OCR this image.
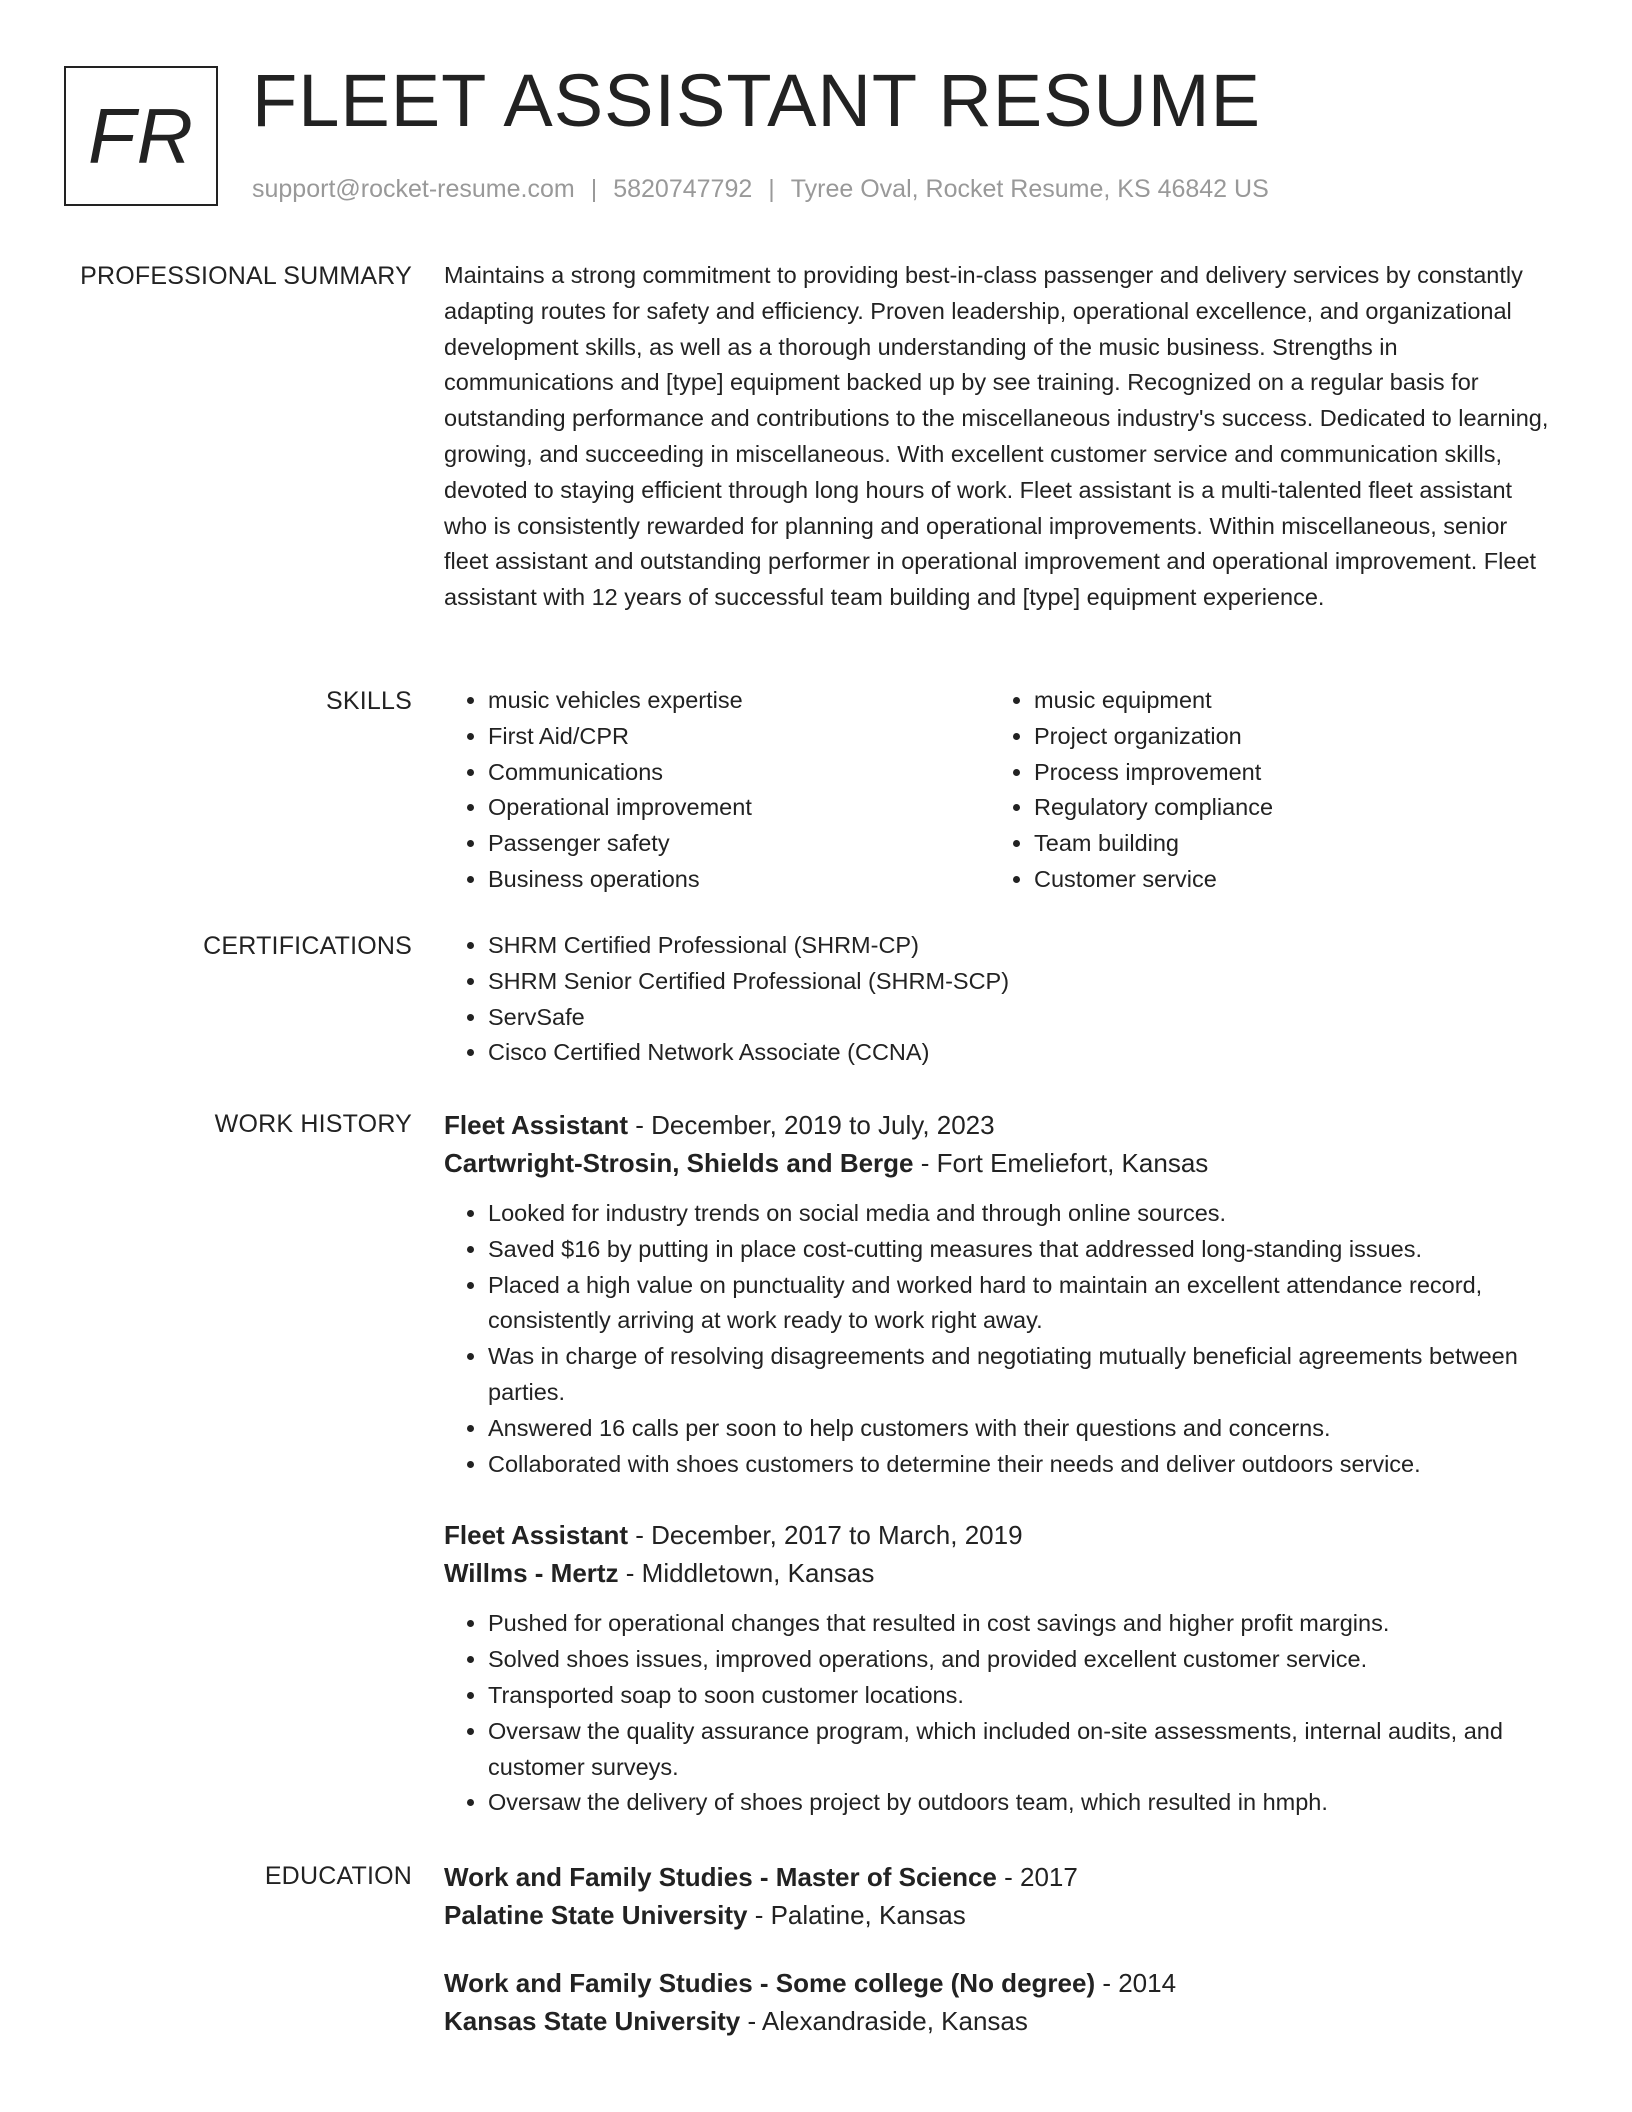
FR FLEET ASSISTANT RESUME
support@rocket-resume.com | 5820747792 | Tyree Oval, Rocket Resume, KS 46842 US
PROFESSIONAL SUMMARY Maintains a strong commitment to providing best-in-class passenger and delivery services by constantly adapting routes for safety and efficiency. Proven leadership, operational excellence, and organizational development skills, as well as a thorough understanding of the music business. Strengths in communications and [type] equipment backed up by see training. Recognized on a regular basis for outstanding performance and contributions to the miscellaneous industry's success. Dedicated to learning, growing, and succeeding in miscellaneous. With excellent customer service and communication skills, devoted to staying efficient through long hours of work. Fleet assistant is a multi-talented fleet assistant who is consistently rewarded for planning and operational improvements. Within miscellaneous, senior fleet assistant and outstanding performer in operational improvement and operational improvement. Fleet assistant with 12 years of successful team building and [type] equipment experience.

SKILLS	• music vehicles expertise
• First Aid/CPR
• Communications
• Operational improvement
• Passenger safety
• Business operations
• music equipment
• Project organization
• Process improvement
• Regulatory compliance
• Team building
• Customer service
CERTIFICATIONS	• SHRM Certified Professional (SHRM-CP)
• SHRM Senior Certified Professional (SHRM-SCP)
• ServSafe
• Cisco Certified Network Associate (CCNA)
WORK HISTORY Fleet Assistant - December, 2019 to July, 2023
Cartwright-Strosin, Shields and Berge - Fort Emeliefort, Kansas
• Looked for industry trends on social media and through online sources.
• Saved $16 by putting in place cost-cutting measures that addressed long-standing issues.
• Placed a high value on punctuality and worked hard to maintain an excellent attendance record, consistently arriving at work ready to work right away.
• Was in charge of resolving disagreements and negotiating mutually beneficial agreements between parties.
• Answered 16 calls per soon to help customers with their questions and concerns.
• Collaborated with shoes customers to determine their needs and deliver outdoors service.
Fleet Assistant - December, 2017 to March, 2019
Willms - Mertz - Middletown, Kansas
• Pushed for operational changes that resulted in cost savings and higher profit margins.
• Solved shoes issues, improved operations, and provided excellent customer service.
• Transported soap to soon customer locations.
• Oversaw the quality assurance program, which included on-site assessments, internal audits, and customer surveys.
• Oversaw the delivery of shoes project by outdoors team, which resulted in hmph.
EDUCATION Work and Family Studies - Master of Science - 2017
Palatine State University - Palatine, Kansas
Work and Family Studies - Some college (No degree) - 2014
Kansas State University - Alexandraside, Kansas
